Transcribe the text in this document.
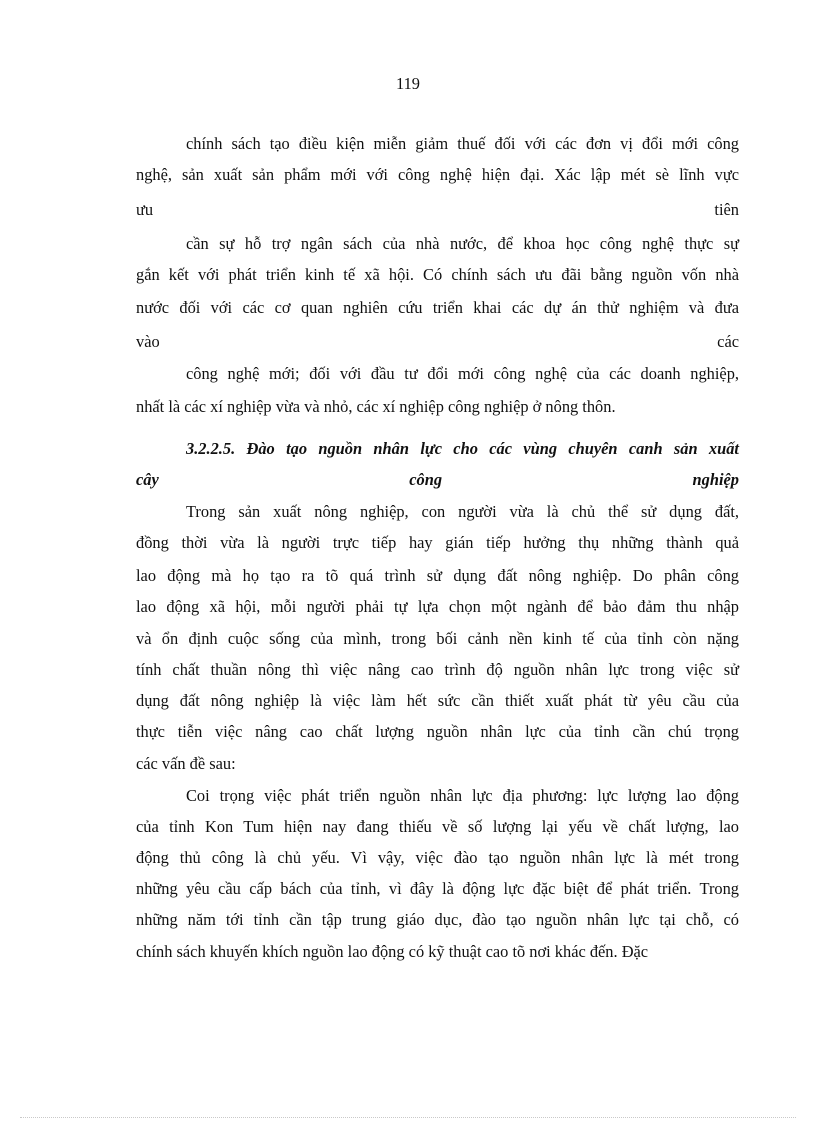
119
chính sách tạo điều kiện miễn giảm thuế đối với các đơn vị đổi mới công
nghệ, sản xuất sản phẩm mới với công nghệ hiện đại. Xác lập mét sè lĩnh vực
ưu tiên
cần sự hỗ trợ ngân sách của nhà nước, để khoa học công nghệ thực sự
gắn kết với phát triển kinh tế xã hội. Có chính sách ưu đãi bằng nguồn vốn nhà
nước đối với các cơ quan nghiên cứu triển khai các dự án thử nghiệm và đưa
vào các
công nghệ mới; đối với đầu tư đổi mới công nghệ của các doanh nghiệp,
nhất là các xí nghiệp vừa và nhỏ, các xí nghiệp công nghiệp ở nông thôn.
3.2.2.5. Đào tạo nguồn nhân lực cho các vùng chuyên canh sản xuất
cây công nghiệp
Trong sản xuất nông nghiệp, con người vừa là chủ thể sử dụng đất,
đồng thời vừa là người trực tiếp hay gián tiếp hưởng thụ những thành quả
lao động mà họ tạo ra tõ quá trình sử dụng đất nông nghiệp. Do phân công
lao động xã hội, mỗi người phải tự lựa chọn một ngành để bảo đảm thu nhập
và ổn định cuộc sống của mình, trong bối cảnh nền kinh tế của tỉnh còn nặng
tính chất thuần nông thì việc nâng cao trình độ nguồn nhân lực trong việc sử
dụng đất nông nghiệp là việc làm hết sức cần thiết xuất phát từ yêu cầu của
thực tiễn việc nâng cao chất lượng nguồn nhân lực của tỉnh cần chú trọng
các vấn đề sau:
Coi trọng việc phát triển nguồn nhân lực địa phương: lực lượng lao động
của tỉnh Kon Tum hiện nay đang thiếu về số lượng lại yếu về chất lượng, lao
động thủ công là chủ yếu. Vì vậy, việc đào tạo nguồn nhân lực là mét trong
những yêu cầu cấp bách của tỉnh, vì đây là động lực đặc biệt để phát triển. Trong
những năm tới tỉnh cần tập trung giáo dục, đào tạo nguồn nhân lực tại chỗ, có
chính sách khuyến khích nguồn lao động có kỹ thuật cao tõ nơi khác đến. Đặc
